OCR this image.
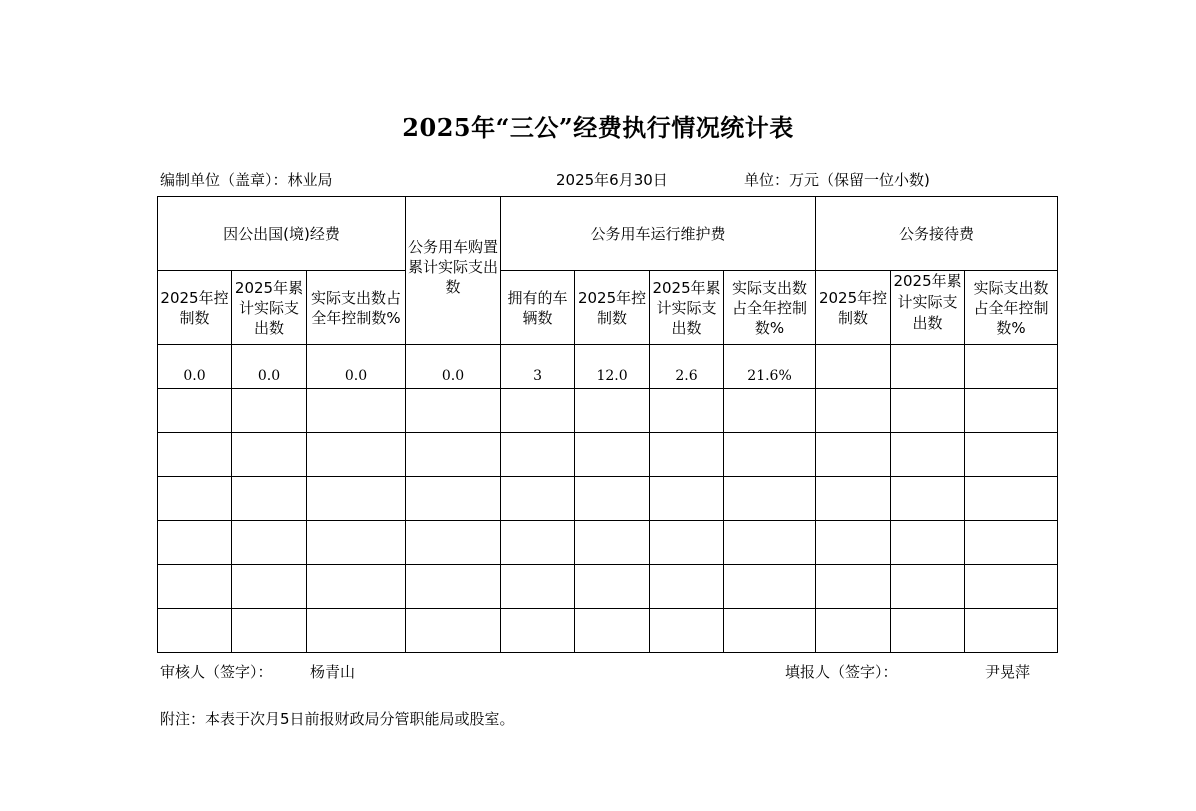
2025年“三公”经费执行情况统计表
编制单位（盖章）：林业局	2025年6月30日	单位：万元（保留一位小数)
因公出国(境)经费			公务用车购置累计实际支出数	公务用车运行维护费				公务接待费		
2025年控制数	2025年累计实际支出数	实际支出数占全年控制数%		拥有的车辆数	2025年控制数	2025年累计实际支出数	实际支出数占全年控制数%	2025年控制数	2025年累计实际支出数	实际支出数占全年控制数%
0.0	0.0	0.0	0.0	3	12.0	2.6	21.6%			

审核人（签字）： 杨青山	填报人（签字）：	尹晃萍
附注：本表于次月5日前报财政局分管职能局或股室。
